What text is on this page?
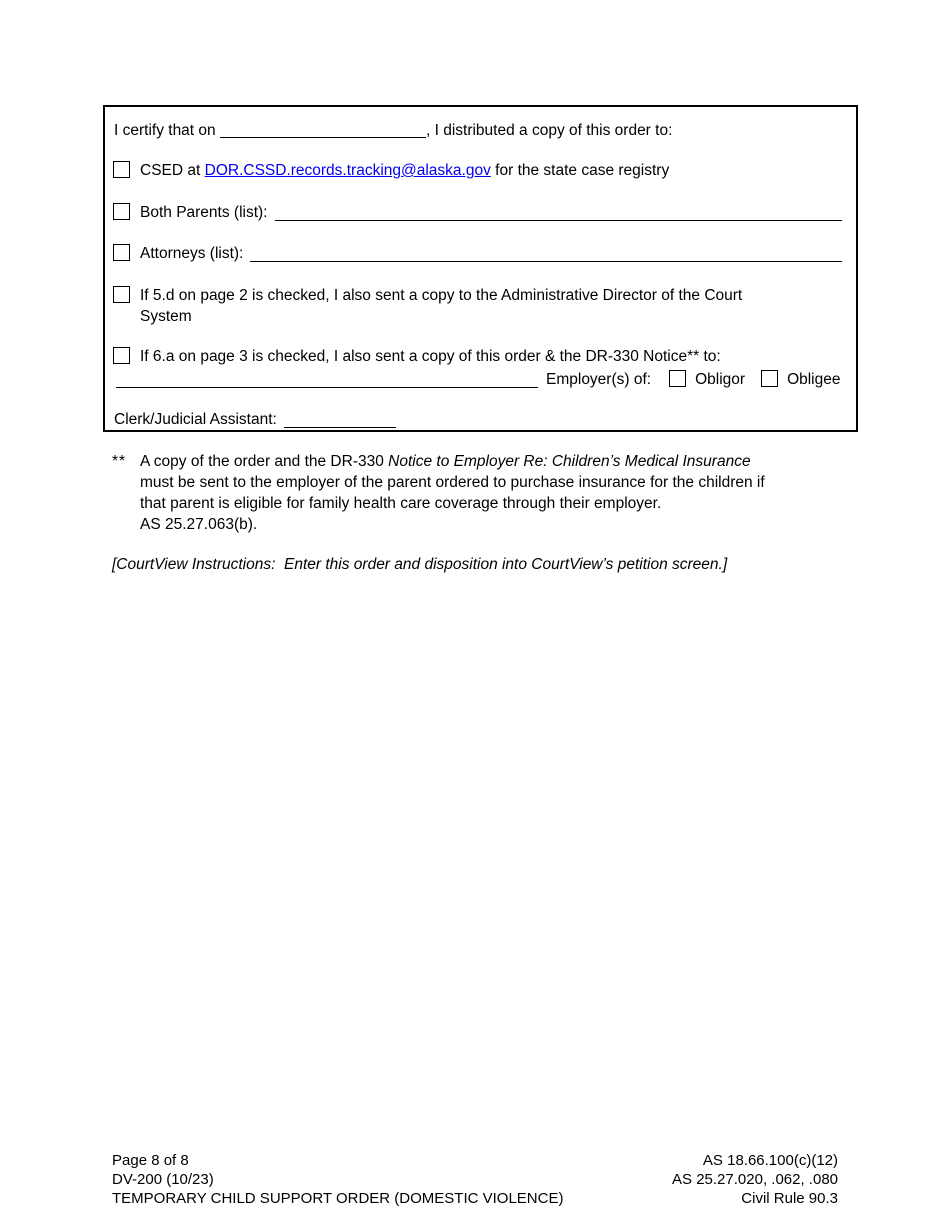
I certify that on	, I distributed a copy of this order to:
CSED at DOR.CSSD.records.tracking@alaska.gov for the state case registry
Both Parents (list):
Attorneys (list):
If 5.d on page 2 is checked, I also sent a copy to the Administrative Director of the Court
System
If 6.a on page 3 is checked, I also sent a copy of this order & the DR-330 Notice** to:
Employer(s) of:	Obligor	Obligee
Clerk/Judicial Assistant:
** A copy of the order and the DR-330 Notice to Employer Re: Children’s Medical Insurance
must be sent to the employer of the parent ordered to purchase insurance for the children if
that parent is eligible for family health care coverage through their employer.
AS 25.27.063(b).
[CourtView Instructions:  Enter this order and disposition into CourtView’s petition screen.]
Page 8 of 8
DV-200 (10/23)
TEMPORARY CHILD SUPPORT ORDER (DOMESTIC VIOLENCE)
AS 18.66.100(c)(12)
AS 25.27.020, .062, .080
Civil Rule 90.3
